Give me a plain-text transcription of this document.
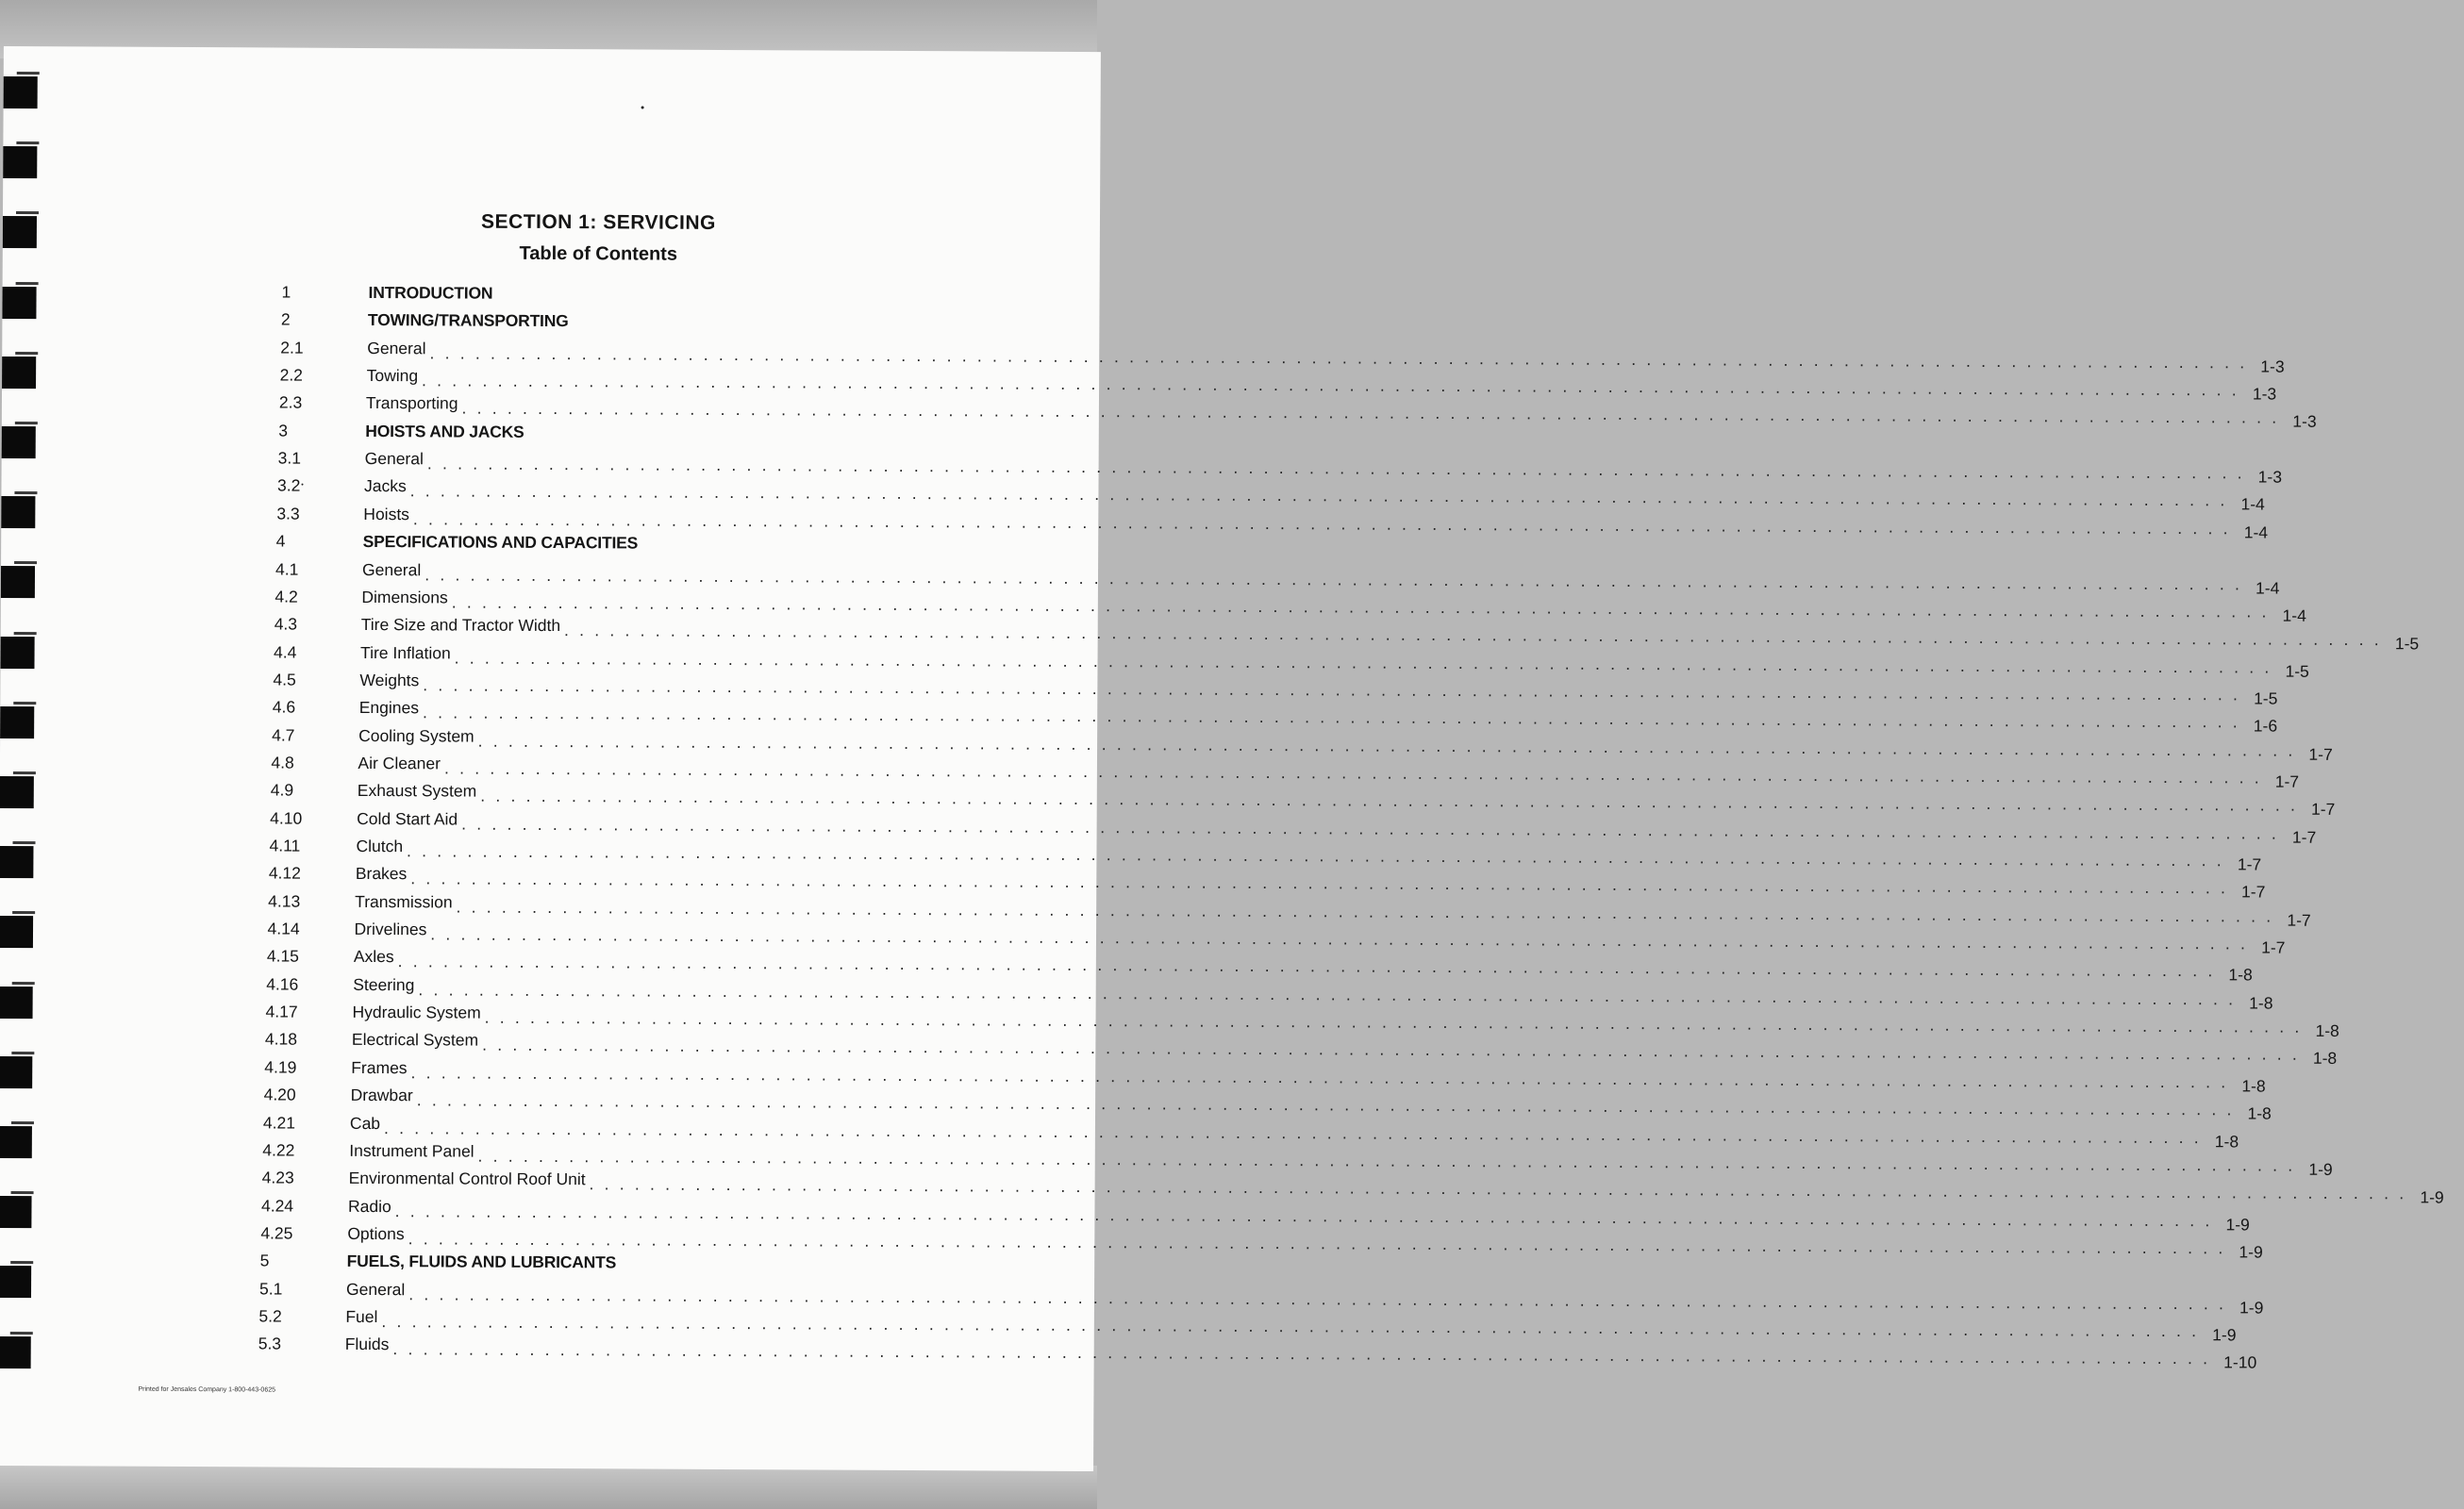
SECTION 1: SERVICING
Table of Contents
1	INTRODUCTION
2	TOWING/TRANSPORTING
2.1	General . . . . . . . . . . . . . . . . . . . . . . . . . . . . . . . . . . . . . . . . . . . . . . . . . . . . . . . . . . . . . . . . . . . . . . . . . . . . . . . . . . . . . . . . . . . . . . . . . . . . . . . . . . . . . . . . . . . . . . . . 1-3
2.2	Towing . . . . . . . . . . . . . . . . . . . . . . . . . . . . . . . . . . . . . . . . . . . . . . . . . . . . . . . . . . . . . . . . . . . . . . . . . . . . . . . . . . . . . . . . . . . . . . . . . . . . . . . . . . . . . . . . . . . . . . . . 1-3
2.3	Transporting . . . . . . . . . . . . . . . . . . . . . . . . . . . . . . . . . . . . . . . . . . . . . . . . . . . . . . . . . . . . . . . . . . . . . . . . . . . . . . . . . . . . . . . . . . . . . . . . . . . . . . . . . . . . . . . . . . . . . . . . 1-3
3	HOISTS AND JACKS
3.1	General . . . . . . . . . . . . . . . . . . . . . . . . . . . . . . . . . . . . . . . . . . . . . . . . . . . . . . . . . . . . . . . . . . . . . . . . . . . . . . . . . . . . . . . . . . . . . . . . . . . . . . . . . . . . . . . . . . . . . . . . 1-3
3.2	Jacks . . . . . . . . . . . . . . . . . . . . . . . . . . . . . . . . . . . . . . . . . . . . . . . . . . . . . . . . . . . . . . . . . . . . . . . . . . . . . . . . . . . . . . . . . . . . . . . . . . . . . . . . . . . . . . . . . . . . . . . . 1-4
3.3	Hoists . . . . . . . . . . . . . . . . . . . . . . . . . . . . . . . . . . . . . . . . . . . . . . . . . . . . . . . . . . . . . . . . . . . . . . . . . . . . . . . . . . . . . . . . . . . . . . . . . . . . . . . . . . . . . . . . . . . . . . . . 1-4
4	SPECIFICATIONS AND CAPACITIES
4.1	General . . . . . . . . . . . . . . . . . . . . . . . . . . . . . . . . . . . . . . . . . . . . . . . . . . . . . . . . . . . . . . . . . . . . . . . . . . . . . . . . . . . . . . . . . . . . . . . . . . . . . . . . . . . . . . . . . . . . . . . . 1-4
4.2	Dimensions . . . . . . . . . . . . . . . . . . . . . . . . . . . . . . . . . . . . . . . . . . . . . . . . . . . . . . . . . . . . . . . . . . . . . . . . . . . . . . . . . . . . . . . . . . . . . . . . . . . . . . . . . . . . . . . . . . . . . . . . 1-4
4.3	Tire Size and Tractor Width . . . . . . . . . . . . . . . . . . . . . . . . . . . . . . . . . . . . . . . . . . . . . . . . . . . . . . . . . . . . . . . . . . . . . . . . . . . . . . . . . . . . . . . . . . . . . . . . . . . . . . . . . . . . . . . . . . . . . . . . 1-5
4.4	Tire Inflation . . . . . . . . . . . . . . . . . . . . . . . . . . . . . . . . . . . . . . . . . . . . . . . . . . . . . . . . . . . . . . . . . . . . . . . . . . . . . . . . . . . . . . . . . . . . . . . . . . . . . . . . . . . . . . . . . . . . . . . . 1-5
4.5	Weights . . . . . . . . . . . . . . . . . . . . . . . . . . . . . . . . . . . . . . . . . . . . . . . . . . . . . . . . . . . . . . . . . . . . . . . . . . . . . . . . . . . . . . . . . . . . . . . . . . . . . . . . . . . . . . . . . . . . . . . . 1-5
4.6	Engines . . . . . . . . . . . . . . . . . . . . . . . . . . . . . . . . . . . . . . . . . . . . . . . . . . . . . . . . . . . . . . . . . . . . . . . . . . . . . . . . . . . . . . . . . . . . . . . . . . . . . . . . . . . . . . . . . . . . . . . . 1-6
4.7	Cooling System . . . . . . . . . . . . . . . . . . . . . . . . . . . . . . . . . . . . . . . . . . . . . . . . . . . . . . . . . . . . . . . . . . . . . . . . . . . . . . . . . . . . . . . . . . . . . . . . . . . . . . . . . . . . . . . . . . . . . . . . 1-7
4.8	Air Cleaner . . . . . . . . . . . . . . . . . . . . . . . . . . . . . . . . . . . . . . . . . . . . . . . . . . . . . . . . . . . . . . . . . . . . . . . . . . . . . . . . . . . . . . . . . . . . . . . . . . . . . . . . . . . . . . . . . . . . . . . . 1-7
4.9	Exhaust System . . . . . . . . . . . . . . . . . . . . . . . . . . . . . . . . . . . . . . . . . . . . . . . . . . . . . . . . . . . . . . . . . . . . . . . . . . . . . . . . . . . . . . . . . . . . . . . . . . . . . . . . . . . . . . . . . . . . . . . . 1-7
4.10	Cold Start Aid . . . . . . . . . . . . . . . . . . . . . . . . . . . . . . . . . . . . . . . . . . . . . . . . . . . . . . . . . . . . . . . . . . . . . . . . . . . . . . . . . . . . . . . . . . . . . . . . . . . . . . . . . . . . . . . . . . . . . . . . 1-7
4.11	Clutch . . . . . . . . . . . . . . . . . . . . . . . . . . . . . . . . . . . . . . . . . . . . . . . . . . . . . . . . . . . . . . . . . . . . . . . . . . . . . . . . . . . . . . . . . . . . . . . . . . . . . . . . . . . . . . . . . . . . . . . . 1-7
4.12	Brakes . . . . . . . . . . . . . . . . . . . . . . . . . . . . . . . . . . . . . . . . . . . . . . . . . . . . . . . . . . . . . . . . . . . . . . . . . . . . . . . . . . . . . . . . . . . . . . . . . . . . . . . . . . . . . . . . . . . . . . . . 1-7
4.13	Transmission . . . . . . . . . . . . . . . . . . . . . . . . . . . . . . . . . . . . . . . . . . . . . . . . . . . . . . . . . . . . . . . . . . . . . . . . . . . . . . . . . . . . . . . . . . . . . . . . . . . . . . . . . . . . . . . . . . . . . . . . 1-7
4.14	Drivelines . . . . . . . . . . . . . . . . . . . . . . . . . . . . . . . . . . . . . . . . . . . . . . . . . . . . . . . . . . . . . . . . . . . . . . . . . . . . . . . . . . . . . . . . . . . . . . . . . . . . . . . . . . . . . . . . . . . . . . . . 1-7
4.15	Axles . . . . . . . . . . . . . . . . . . . . . . . . . . . . . . . . . . . . . . . . . . . . . . . . . . . . . . . . . . . . . . . . . . . . . . . . . . . . . . . . . . . . . . . . . . . . . . . . . . . . . . . . . . . . . . . . . . . . . . . . 1-8
4.16	Steering . . . . . . . . . . . . . . . . . . . . . . . . . . . . . . . . . . . . . . . . . . . . . . . . . . . . . . . . . . . . . . . . . . . . . . . . . . . . . . . . . . . . . . . . . . . . . . . . . . . . . . . . . . . . . . . . . . . . . . . . 1-8
4.17	Hydraulic System . . . . . . . . . . . . . . . . . . . . . . . . . . . . . . . . . . . . . . . . . . . . . . . . . . . . . . . . . . . . . . . . . . . . . . . . . . . . . . . . . . . . . . . . . . . . . . . . . . . . . . . . . . . . . . . . . . . . . . . . 1-8
4.18	Electrical System . . . . . . . . . . . . . . . . . . . . . . . . . . . . . . . . . . . . . . . . . . . . . . . . . . . . . . . . . . . . . . . . . . . . . . . . . . . . . . . . . . . . . . . . . . . . . . . . . . . . . . . . . . . . . . . . . . . . . . . . 1-8
4.19	Frames . . . . . . . . . . . . . . . . . . . . . . . . . . . . . . . . . . . . . . . . . . . . . . . . . . . . . . . . . . . . . . . . . . . . . . . . . . . . . . . . . . . . . . . . . . . . . . . . . . . . . . . . . . . . . . . . . . . . . . . . 1-8
4.20	Drawbar . . . . . . . . . . . . . . . . . . . . . . . . . . . . . . . . . . . . . . . . . . . . . . . . . . . . . . . . . . . . . . . . . . . . . . . . . . . . . . . . . . . . . . . . . . . . . . . . . . . . . . . . . . . . . . . . . . . . . . . . 1-8
4.21	Cab . . . . . . . . . . . . . . . . . . . . . . . . . . . . . . . . . . . . . . . . . . . . . . . . . . . . . . . . . . . . . . . . . . . . . . . . . . . . . . . . . . . . . . . . . . . . . . . . . . . . . . . . . . . . . . . . . . . . . . . . 1-8
4.22	Instrument Panel . . . . . . . . . . . . . . . . . . . . . . . . . . . . . . . . . . . . . . . . . . . . . . . . . . . . . . . . . . . . . . . . . . . . . . . . . . . . . . . . . . . . . . . . . . . . . . . . . . . . . . . . . . . . . . . . . . . . . . . . 1-9
4.23	Environmental Control Roof Unit . . . . . . . . . . . . . . . . . . . . . . . . . . . . . . . . . . . . . . . . . . . . . . . . . . . . . . . . . . . . . . . . . . . . . . . . . . . . . . . . . . . . . . . . . . . . . . . . . . . . . . . . . . . . . . . . . . . . . . . . 1-9
4.24	Radio . . . . . . . . . . . . . . . . . . . . . . . . . . . . . . . . . . . . . . . . . . . . . . . . . . . . . . . . . . . . . . . . . . . . . . . . . . . . . . . . . . . . . . . . . . . . . . . . . . . . . . . . . . . . . . . . . . . . . . . . 1-9
4.25	Options . . . . . . . . . . . . . . . . . . . . . . . . . . . . . . . . . . . . . . . . . . . . . . . . . . . . . . . . . . . . . . . . . . . . . . . . . . . . . . . . . . . . . . . . . . . . . . . . . . . . . . . . . . . . . . . . . . . . . . . . 1-9
5	FUELS, FLUIDS AND LUBRICANTS
5.1	General . . . . . . . . . . . . . . . . . . . . . . . . . . . . . . . . . . . . . . . . . . . . . . . . . . . . . . . . . . . . . . . . . . . . . . . . . . . . . . . . . . . . . . . . . . . . . . . . . . . . . . . . . . . . . . . . . . . . . . . . 1-9
5.2	Fuel . . . . . . . . . . . . . . . . . . . . . . . . . . . . . . . . . . . . . . . . . . . . . . . . . . . . . . . . . . . . . . . . . . . . . . . . . . . . . . . . . . . . . . . . . . . . . . . . . . . . . . . . . . . . . . . . . . . . . . . . 1-9
5.3	Fluids . . . . . . . . . . . . . . . . . . . . . . . . . . . . . . . . . . . . . . . . . . . . . . . . . . . . . . . . . . . . . . . . . . . . . . . . . . . . . . . . . . . . . . . . . . . . . . . . . . . . . . . . . . . . . . . . . . . . . . . . 1-10
Printed for Jensales Company 1-800-443-0625
